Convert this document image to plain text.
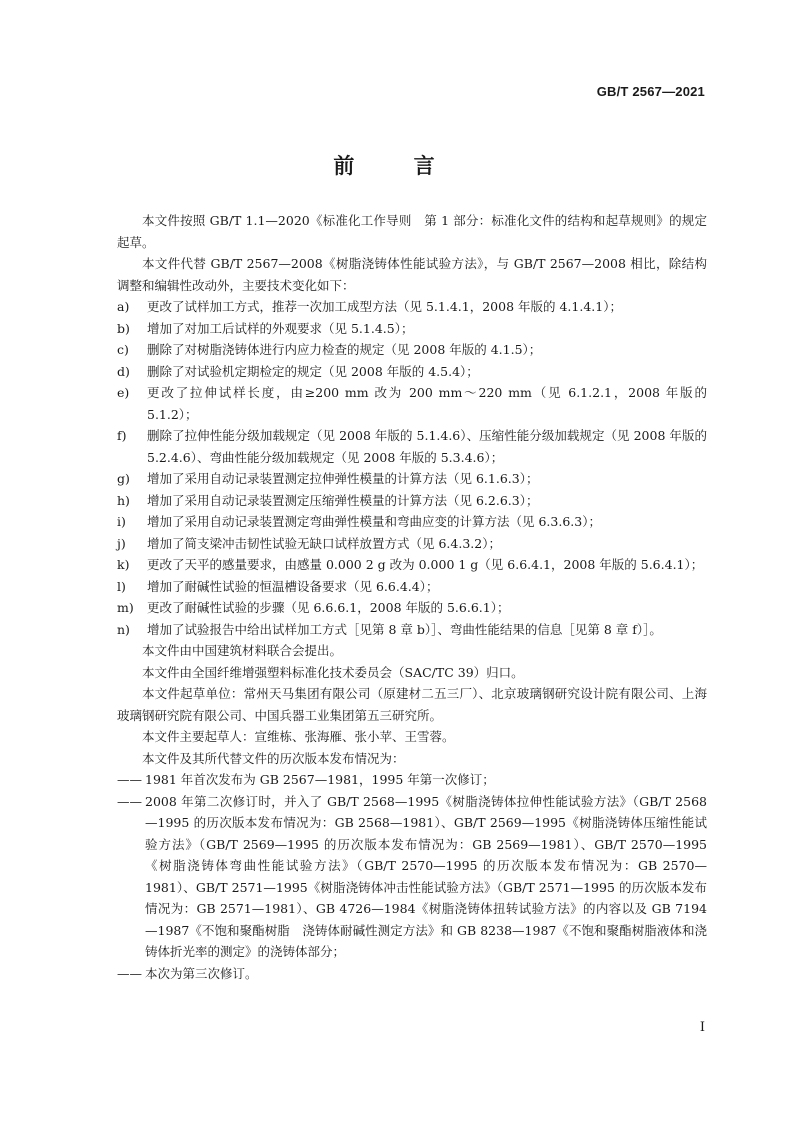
GB/T 2567—2021
前 言

本文件按照 GB/T 1.1—2020《标准化工作导则　第 1 部分：标准化文件的结构和起草规则》的规定起草。

本文件代替 GB/T 2567—2008《树脂浇铸体性能试验方法》，与 GB/T 2567—2008 相比，除结构调整和编辑性改动外，主要技术变化如下：

a) 更改了试样加工方式，推荐一次加工成型方法（见 5.1.4.1，2008 年版的 4.1.4.1）；
b) 增加了对加工后试样的外观要求（见 5.1.4.5）；
c) 删除了对树脂浇铸体进行内应力检查的规定（见 2008 年版的 4.1.5）；
d) 删除了对试验机定期检定的规定（见 2008 年版的 4.5.4）；
e) 更改了拉伸试样长度，由≥200 mm 改为 200 mm～220 mm（见 6.1.2.1，2008 年版的 5.1.2）；
f) 删除了拉伸性能分级加载规定（见 2008 年版的 5.1.4.6）、压缩性能分级加载规定（见 2008 年版的 5.2.4.6）、弯曲性能分级加载规定（见 2008 年版的 5.3.4.6）；
g) 增加了采用自动记录装置测定拉伸弹性模量的计算方法（见 6.1.6.3）；
h) 增加了采用自动记录装置测定压缩弹性模量的计算方法（见 6.2.6.3）；
i) 增加了采用自动记录装置测定弯曲弹性模量和弯曲应变的计算方法（见 6.3.6.3）；
j) 增加了简支梁冲击韧性试验无缺口试样放置方式（见 6.4.3.2）；
k) 更改了天平的感量要求，由感量 0.000 2 g 改为 0.000 1 g（见 6.6.4.1，2008 年版的 5.6.4.1）；
l) 增加了耐碱性试验的恒温槽设备要求（见 6.6.4.4）；
m) 更改了耐碱性试验的步骤（见 6.6.6.1，2008 年版的 5.6.6.1）；
n) 增加了试验报告中给出试样加工方式［见第 8 章 b）］、弯曲性能结果的信息［见第 8 章 f）］。

本文件由中国建筑材料联合会提出。

本文件由全国纤维增强塑料标准化技术委员会（SAC/TC 39）归口。

本文件起草单位：常州天马集团有限公司（原建材二五三厂）、北京玻璃钢研究设计院有限公司、上海玻璃钢研究院有限公司、中国兵器工业集团第五三研究所。

本文件主要起草人：宣维栋、张海雁、张小苹、王雪蓉。

本文件及其所代替文件的历次版本发布情况为：

—— 1981 年首次发布为 GB 2567—1981，1995 年第一次修订；
—— 2008 年第二次修订时，并入了 GB/T 2568—1995《树脂浇铸体拉伸性能试验方法》（GB/T 2568—1995 的历次版本发布情况为：GB 2568—1981）、GB/T 2569—1995《树脂浇铸体压缩性能试验方法》（GB/T 2569—1995 的历次版本发布情况为：GB 2569—1981）、GB/T 2570—1995《树脂浇铸体弯曲性能试验方法》（GB/T 2570—1995 的历次版本发布情况为：GB 2570—1981）、GB/T 2571—1995《树脂浇铸体冲击性能试验方法》（GB/T 2571—1995 的历次版本发布情况为：GB 2571—1981）、GB 4726—1984《树脂浇铸体扭转试验方法》的内容以及 GB 7194—1987《不饱和聚酯树脂　浇铸体耐碱性测定方法》和 GB 8238—1987《不饱和聚酯树脂液体和浇铸体折光率的测定》的浇铸体部分；
—— 本次为第三次修订。
I
